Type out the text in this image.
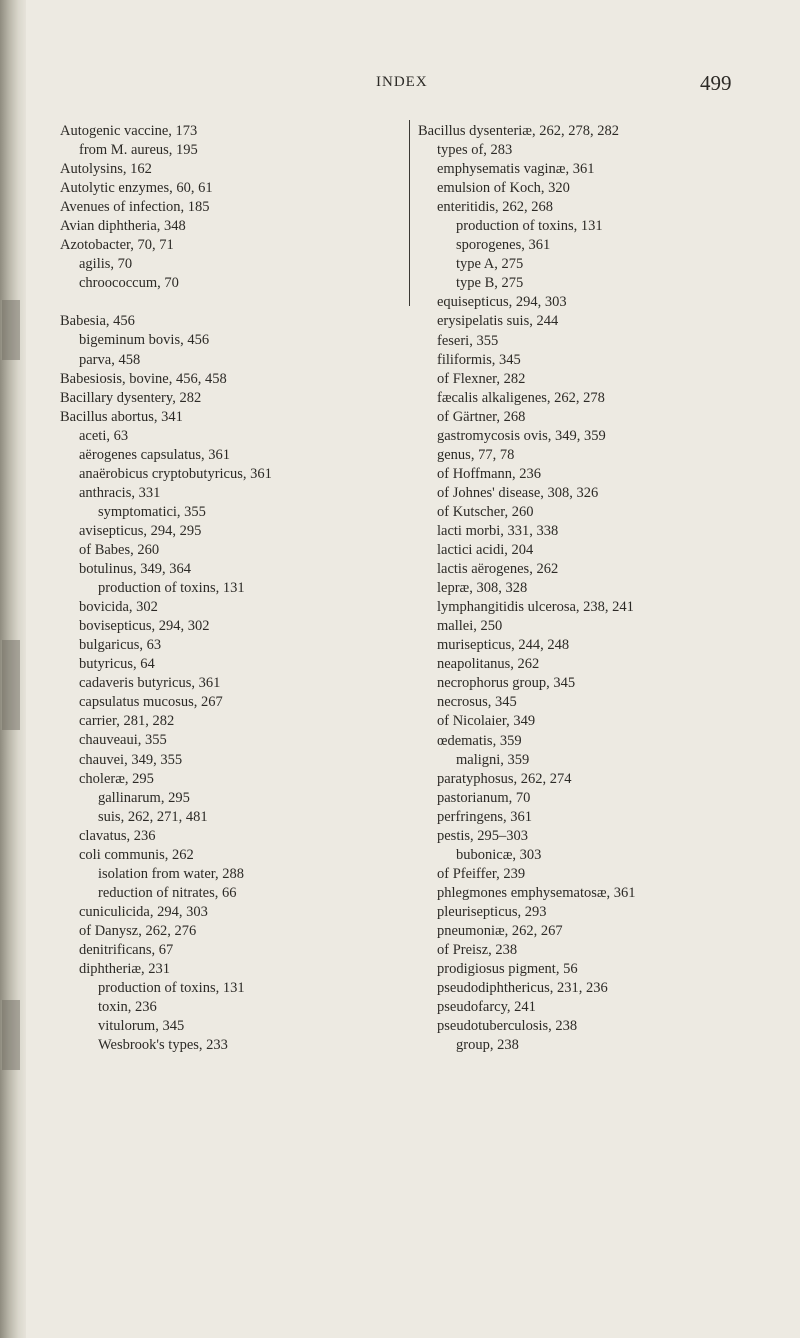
INDEX	499
Autogenic vaccine, 173
from M. aureus, 195
Autolysins, 162
Autolytic enzymes, 60, 61
Avenues of infection, 185
Avian diphtheria, 348
Azotobacter, 70, 71
agilis, 70
chroococcum, 70
Babesia, 456
bigeminum bovis, 456
parva, 458
Babesiosis, bovine, 456, 458
Bacillary dysentery, 282
Bacillus abortus, 341
aceti, 63
aërogenes capsulatus, 361
anaërobicus cryptobutyricus, 361
anthracis, 331
symptomatici, 355
avisepticus, 294, 295
of Babes, 260
botulinus, 349, 364
production of toxins, 131
bovicida, 302
bovisepticus, 294, 302
bulgaricus, 63
butyricus, 64
cadaveris butyricus, 361
capsulatus mucosus, 267
carrier, 281, 282
chauveaui, 355
chauvei, 349, 355
choleræ, 295
gallinarum, 295
suis, 262, 271, 481
clavatus, 236
coli communis, 262
isolation from water, 288
reduction of nitrates, 66
cuniculicida, 294, 303
of Danysz, 262, 276
denitrificans, 67
diphtheriæ, 231
production of toxins, 131
toxin, 236
vitulorum, 345
Wesbrook's types, 233
Bacillus dysenteriæ, 262, 278, 282
types of, 283
emphysematis vaginæ, 361
emulsion of Koch, 320
enteritidis, 262, 268
production of toxins, 131
sporogenes, 361
type A, 275
type B, 275
equisepticus, 294, 303
erysipelatis suis, 244
feseri, 355
filiformis, 345
of Flexner, 282
fæcalis alkaligenes, 262, 278
of Gärtner, 268
gastromycosis ovis, 349, 359
genus, 77, 78
of Hoffmann, 236
of Johnes' disease, 308, 326
of Kutscher, 260
lacti morbi, 331, 338
lactici acidi, 204
lactis aërogenes, 262
lepræ, 308, 328
lymphangitidis ulcerosa, 238, 241
mallei, 250
murisepticus, 244, 248
neapolitanus, 262
necrophorus group, 345
necrosus, 345
of Nicolaier, 349
œdematis, 359
maligni, 359
paratyphosus, 262, 274
pastorianum, 70
perfringens, 361
pestis, 295–303
bubonicæ, 303
of Pfeiffer, 239
phlegmones emphysematosæ, 361
pleurisepticus, 293
pneumoniæ, 262, 267
of Preisz, 238
prodigiosus pigment, 56
pseudodiphthericus, 231, 236
pseudofarcy, 241
pseudotuberculosis, 238
group, 238
